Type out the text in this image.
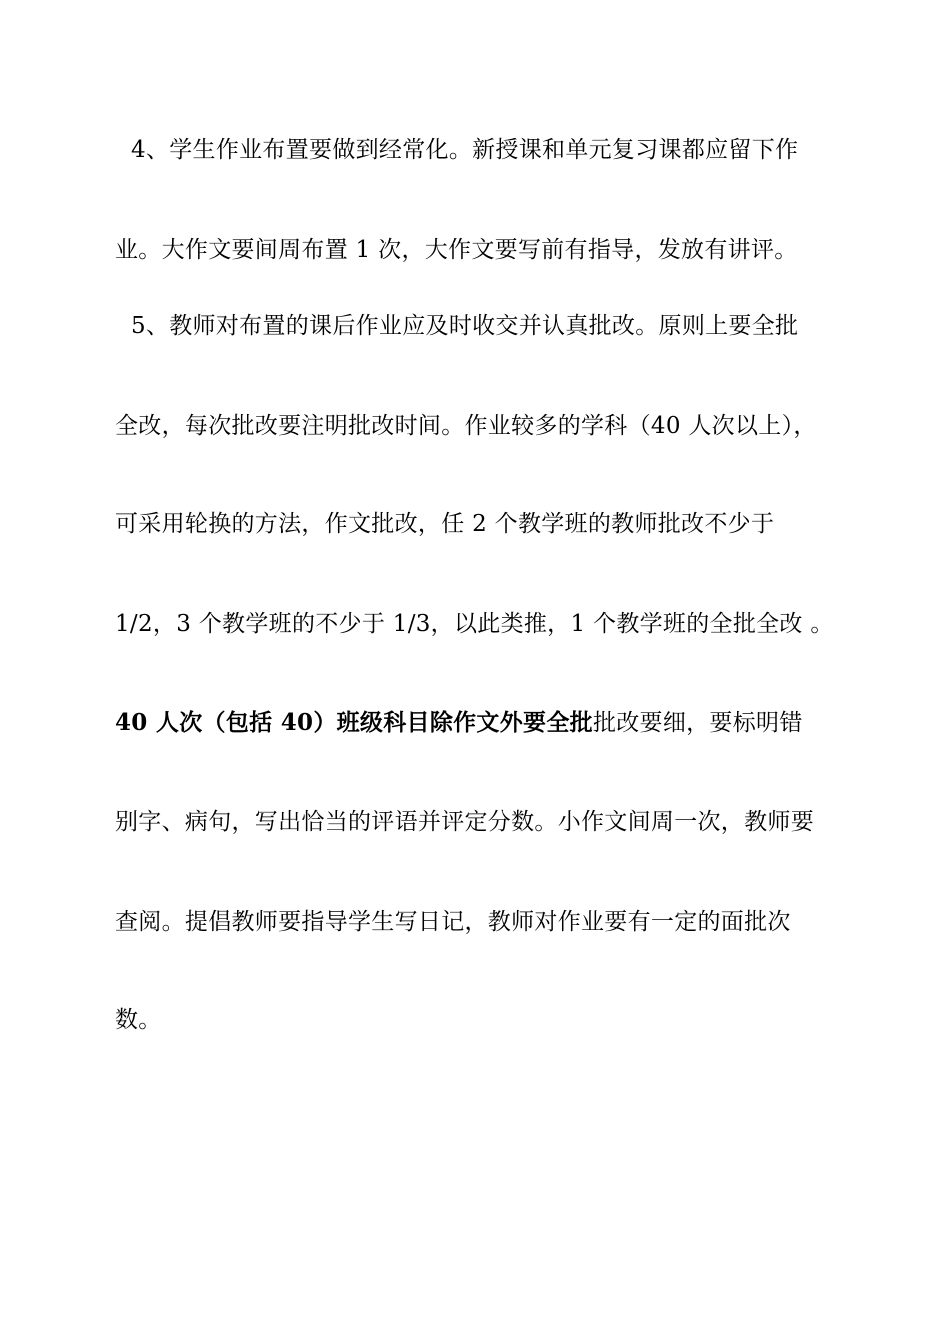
4、学生作业布置要做到经常化。新授课和单元复习课都应留下作
业。大作文要间周布置 1 次，大作文要写前有指导，发放有讲评。
5、教师对布置的课后作业应及时收交并认真批改。原则上要全批
全改，每次批改要注明批改时间。作业较多的学科（40 人次以上），
可采用轮换的方法，作文批改，任 2 个教学班的教师批改不少于
1/2，3 个教学班的不少于 1/3，以此类推，1 个教学班的全批全改 。
40 人次（包括 40）班级科目除作文外要全批批改要细，要标明错
别字、病句，写出恰当的评语并评定分数。小作文间周一次，教师要
查阅。提倡教师要指导学生写日记，教师对作业要有一定的面批次
数。
